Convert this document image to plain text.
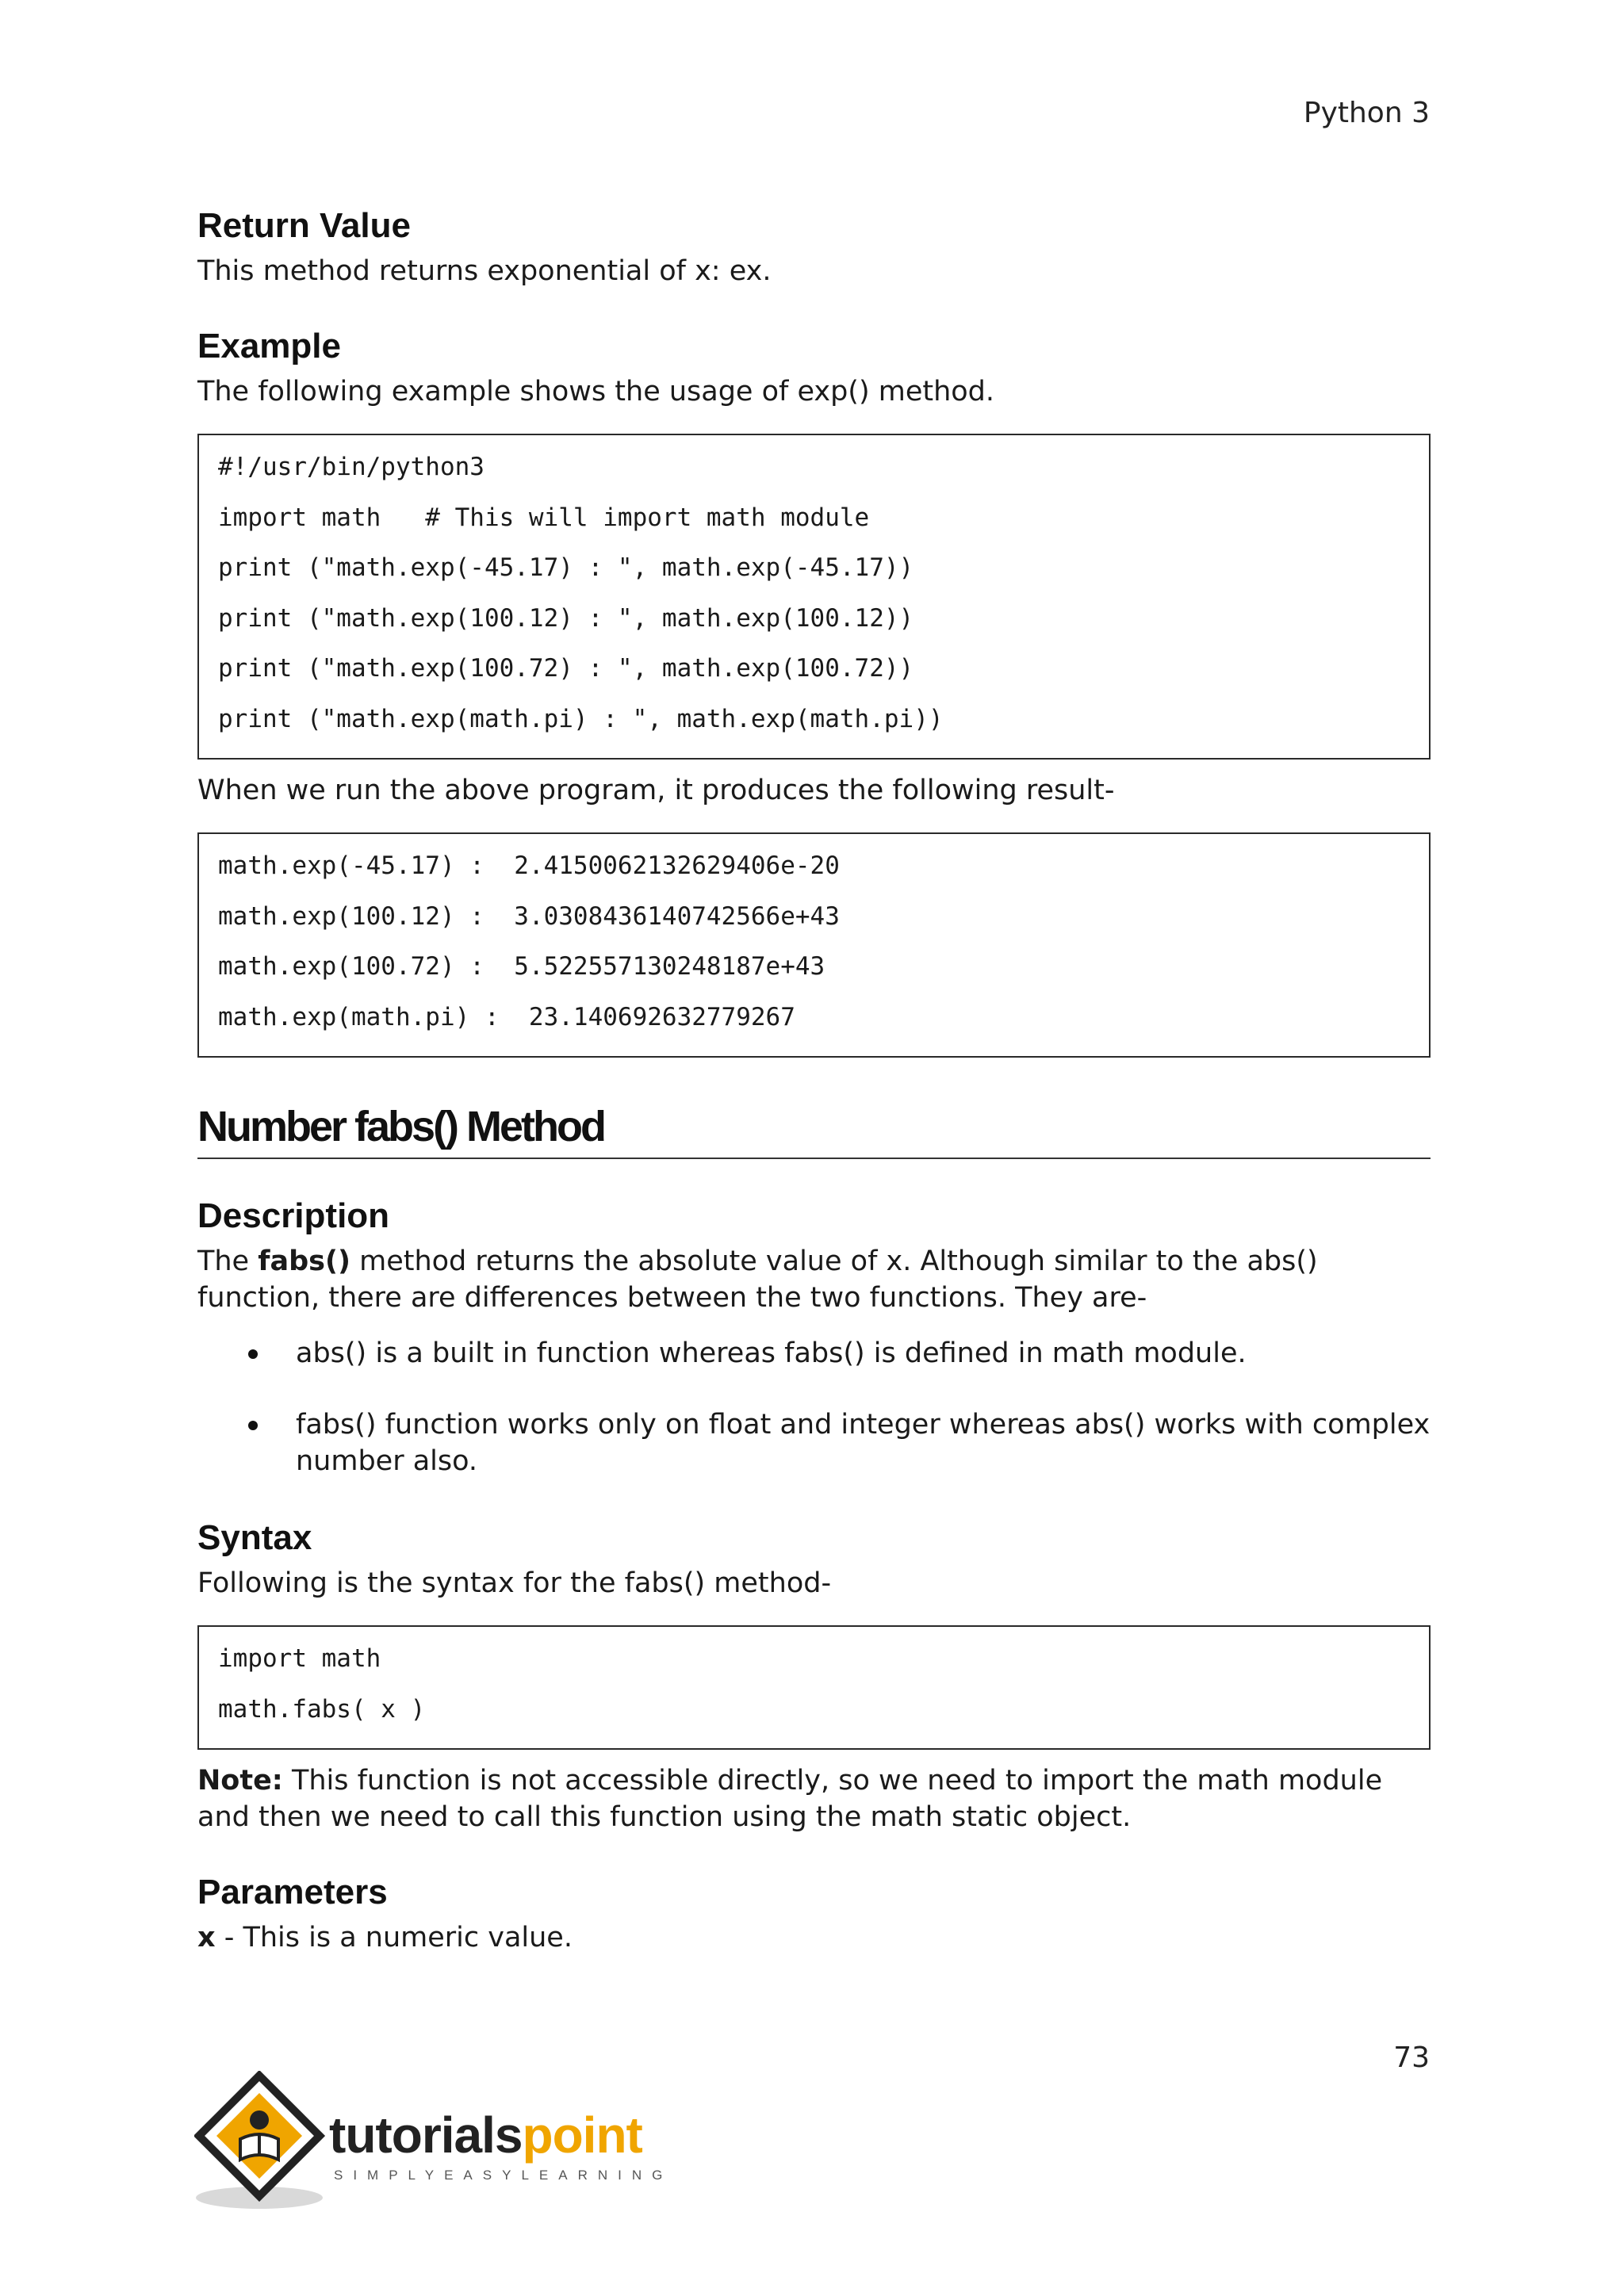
Python 3
Return Value

This method returns exponential of x: ex.

Example

The following example shows the usage of exp() method.

#!/usr/bin/python3
import math   # This will import math module
print ("math.exp(-45.17) : ", math.exp(-45.17))
print ("math.exp(100.12) : ", math.exp(100.12))
print ("math.exp(100.72) : ", math.exp(100.72))
print ("math.exp(math.pi) : ", math.exp(math.pi))

When we run the above program, it produces the following result-

math.exp(-45.17) :  2.4150062132629406e-20
math.exp(100.12) :  3.0308436140742566e+43
math.exp(100.72) :  5.522557130248187e+43
math.exp(math.pi) :  23.140692632779267
Number fabs() Method
Description

The fabs() method returns the absolute value of x. Although similar to the abs() function, there are differences between the two functions. They are-

abs() is a built in function whereas fabs() is defined in math module.
fabs() function works only on float and integer whereas abs() works with complex number also.
Syntax

Following is the syntax for the fabs() method-

import math
math.fabs( x )

Note: This function is not accessible directly, so we need to import the math module and then we need to call this function using the math static object.

Parameters

x - This is a numeric value.

73
tutorialspoint
SIMPLYEASYLEARNING
